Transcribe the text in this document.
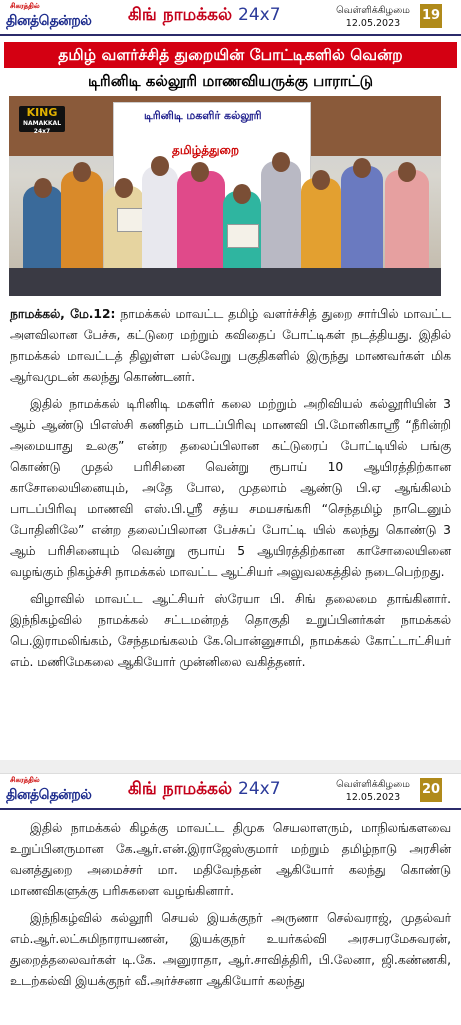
சிகரத்தில்
தினத்தென்றல் கிங் நாமக்கல் 24x7	வெள்ளிக்கிழமை
12.05.2023
19
தமிழ் வளர்ச்சித் துறையின் போட்டிகளில் வென்ற
டிரினிடி கல்லூரி மாணவியருக்கு பாராட்டு
KING
NAMAKKAL 24x7
டிரினிடி மகளிர் கல்லூரி
தமிழ்த்துறை

நாமக்கல், மே.12: நாமக்கல் மாவட்ட தமிழ் வளர்ச்சித் துறை சார்பில் மாவட்ட அளவிலான பேச்சு, கட்டுரை மற்றும் கவிதைப் போட்டிகள் நடத்தியது. இதில் நாமக்கல் மாவட்டத் திலுள்ள பல்வேறு பகுதிகளில் இருந்து மாணவர்கள் மிக ஆர்வமுடன் கலந்து கொண்டனர்.

இதில் நாமக்கல் டிரினிடி மகளிர் கலை மற்றும் அறிவியல் கல்லூரியின் 3 ஆம் ஆண்டு பிஎஸ்சி கணிதம் பாடப்பிரிவு மாணவி பி.மோனிகாஸ்ரீ “நீரின்றி அமையாது உலகு” என்ற தலைப்பிலான கட்டுரைப் போட்டியில் பங்கு கொண்டு முதல் பரிசினை வென்று ரூபாய் 10 ஆயிரத்திற்கான காசோலையினையும், அதே போல, முதலாம் ஆண்டு பி.ஏ ஆங்கிலம் பாடப்பிரிவு மாணவி எஸ்.பி.ஸ்ரீ சத்ய சமயசங்கரி “செந்தமிழ் நாடெனும் போதினிலே” என்ற தலைப்பிலான பேச்சுப் போட்டி யில் கலந்து கொண்டு 3 ஆம் பரிசினையும் வென்று ரூபாய் 5 ஆயிரத்திற்கான காசோலையினை வழங்கும் நிகழ்ச்சி நாமக்கல் மாவட்ட ஆட்சியர் அலுவலகத்தில் நடைபெற்றது.

விழாவில் மாவட்ட ஆட்சியர் ஸ்ரேயா பி. சிங் தலைமை தாங்கினார். இந்நிகழ்வில் நாமக்கல் சட்டமன்றத் தொகுதி உறுப்பினர்கள் நாமக்கல் பெ.இராமலிங்கம், சேந்தமங்கலம் கே.பொன்னுசாமி, நாமக்கல் கோட்டாட்சியர் எம். மணிமேகலை ஆகியோர் முன்னிலை வகித்தனர்.

சிகரத்தில்
தினத்தென்றல் கிங் நாமக்கல் 24x7	வெள்ளிக்கிழமை
12.05.2023
20

இதில் நாமக்கல் கிழக்கு மாவட்ட திமுக செயலாளரும், மாநிலங்களவை உறுப்பினருமான கே.ஆர்.என்.இராஜேஸ்குமார் மற்றும் தமிழ்நாடு அரசின் வனத்துறை அமைச்சர் மா. மதிவேந்தன் ஆகியோர் கலந்து கொண்டு மாணவிகளுக்கு பரிசுகளை வழங்கினார்.

இந்நிகழ்வில் கல்லூரி செயல் இயக்குநர் அருணா செல்வராஜ், முதல்வர் எம்.ஆர்.லட்சுமிநாராயணன், இயக்குநர் உயர்கல்வி அரசபரமேசுவரன், துறைத்தலைவர்கள் டி.கே. அனுராதா, ஆர்.சாவித்திரி, பி.லேனா, ஜி.கண்ணகி, உடற்கல்வி இயக்குநர் வீ.அர்ச்சனா ஆகியோர் கலந்து
